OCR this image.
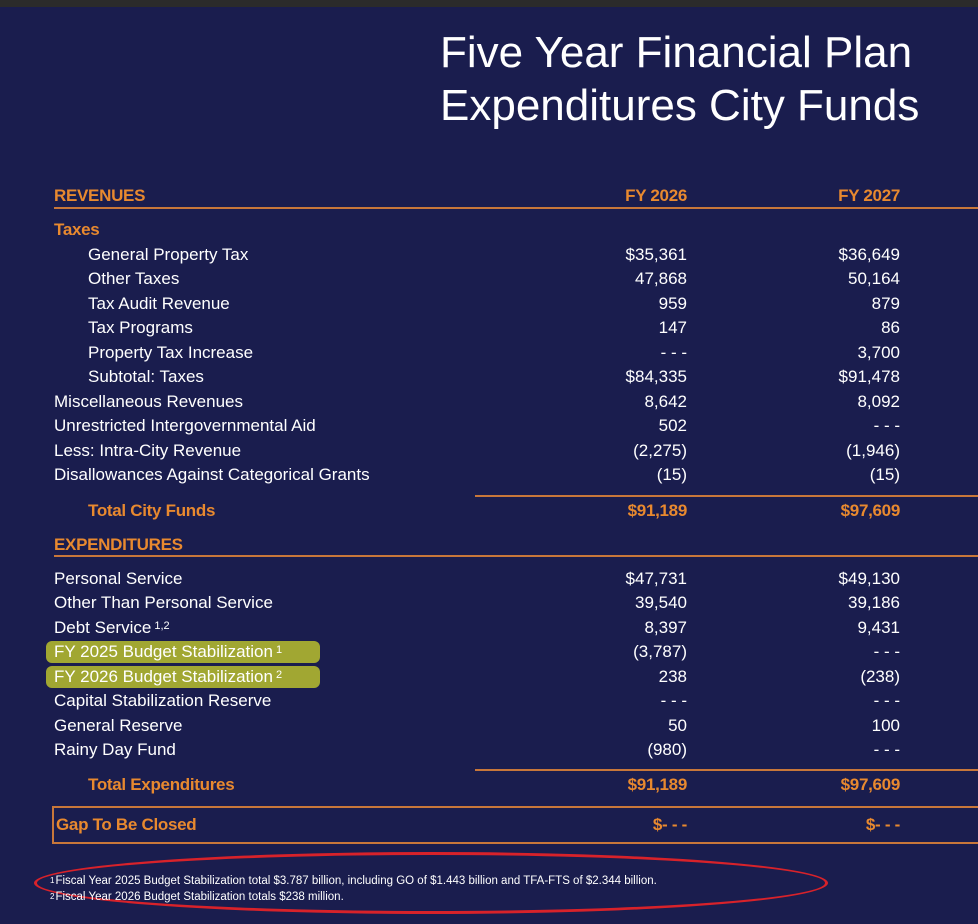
Five Year Financial Plan
Expenditures City Funds
REVENUES	FY 2026	FY 2027
Taxes
General Property Tax	$35,361	$36,649
Other Taxes	47,868	50,164
Tax Audit Revenue	959	879
Tax Programs	147	86
Property Tax Increase	- - -	3,700
Subtotal: Taxes	$84,335	$91,478
Miscellaneous Revenues	8,642	8,092
Unrestricted Intergovernmental Aid	502	- - -
Less: Intra-City Revenue	(2,275)	(1,946)
Disallowances Against Categorical Grants	(15)	(15)
Total City Funds	$91,189	$97,609
EXPENDITURES
Personal Service	$47,731	$49,130
Other Than Personal Service	39,540	39,186
Debt Service $^{1,2}$	8,397	9,431
FY 2025 Budget Stabilization $^1$	(3,787)	- - -
FY 2026 Budget Stabilization $^2$	238	(238)
Capital Stabilization Reserve	- - -	- - -
General Reserve	50	100
Rainy Day Fund	(980)	- - -
Total Expenditures	$91,189	$97,609
Gap To Be Closed	$- - -	$- - -
$^1$Fiscal Year 2025 Budget Stabilization total $3.787 billion, including GO of $1.443 billion and TFA-FTS of $2.344 billion.
$^2$Fiscal Year 2026 Budget Stabilization totals $238 million.
